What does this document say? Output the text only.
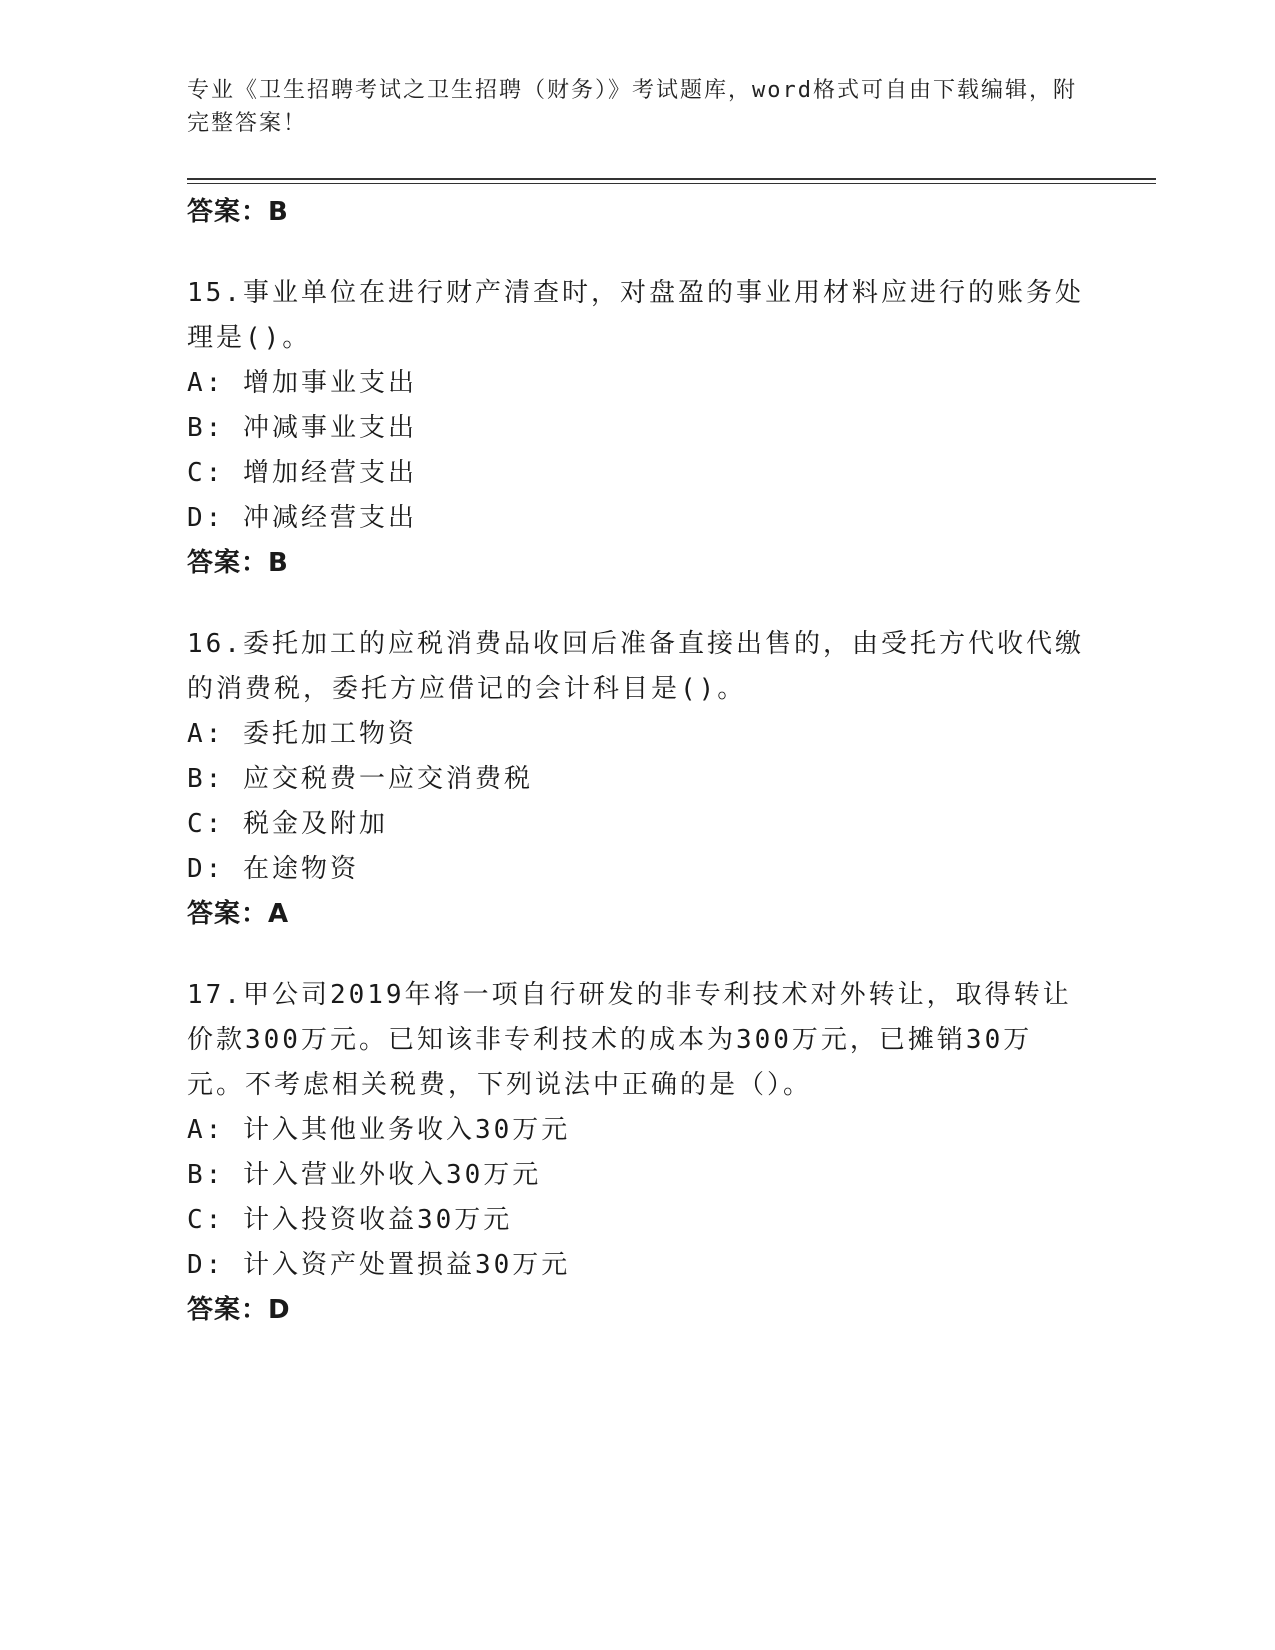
专业《卫生招聘考试之卫生招聘（财务）》考试题库，word格式可自由下载编辑，附完整答案！

答案：B

15.事业单位在进行财产清查时，对盘盈的事业用材料应进行的账务处理是()。

A: 增加事业支出

B: 冲减事业支出

C: 增加经营支出

D: 冲减经营支出

答案：B

16.委托加工的应税消费品收回后准备直接出售的，由受托方代收代缴的消费税，委托方应借记的会计科目是()。

A: 委托加工物资

B: 应交税费一应交消费税

C: 税金及附加

D: 在途物资

答案：A

17.甲公司2019年将一项自行研发的非专利技术对外转让，取得转让价款300万元。已知该非专利技术的成本为300万元，已摊销30万元。不考虑相关税费，下列说法中正确的是（）。

A: 计入其他业务收入30万元

B: 计入营业外收入30万元

C: 计入投资收益30万元

D: 计入资产处置损益30万元

答案：D
